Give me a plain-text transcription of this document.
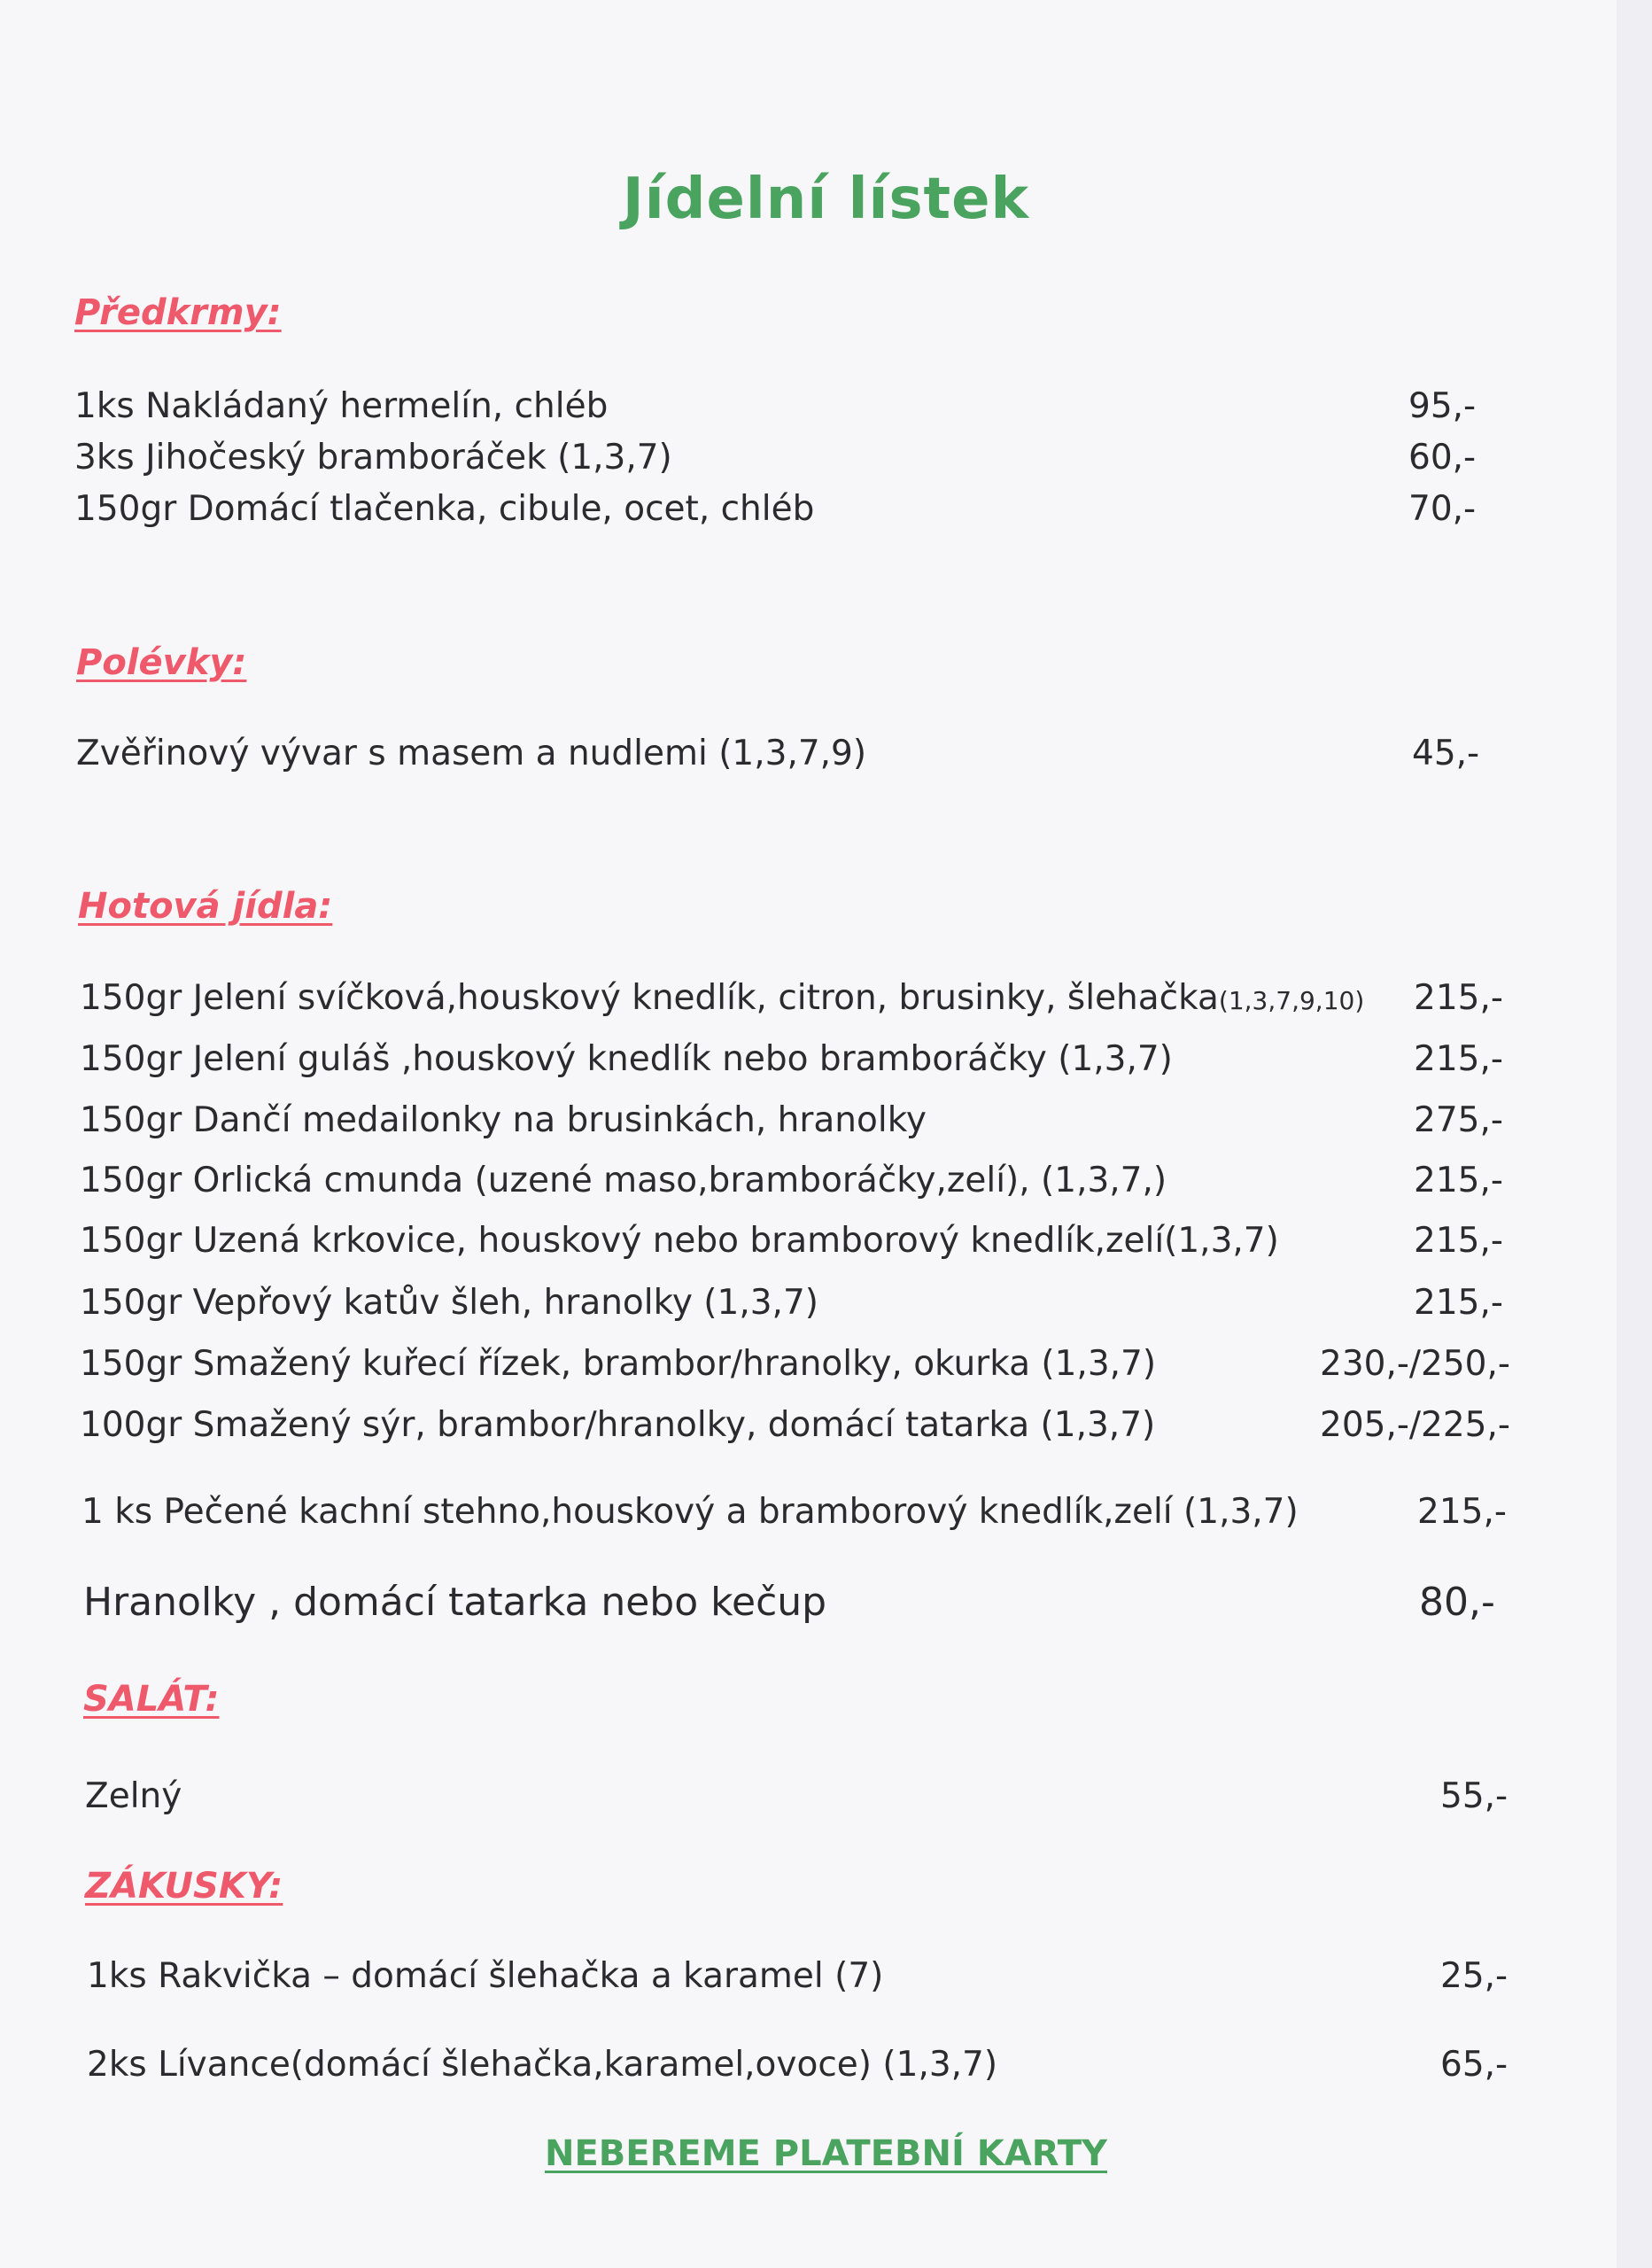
Jídelní lístek
Předkrmy:
1ks Nakládaný hermelín, chléb	95,-
3ks Jihočeský bramboráček (1,3,7)	60,-
150gr Domácí tlačenka, cibule, ocet, chléb	70,-
Polévky:
Zvěřinový vývar s masem a nudlemi (1,3,7,9)	45,-
Hotová jídla:
150gr Jelení svíčková,houskový knedlík, citron, brusinky, šlehačka(1,3,7,9,10) 215,-
150gr Jelení guláš ,houskový knedlík nebo bramboráčky (1,3,7)	215,-
150gr Dančí medailonky na brusinkách, hranolky	275,-
150gr Orlická cmunda (uzené maso,bramboráčky,zelí), (1,3,7,)	215,-
150gr Uzená krkovice, houskový nebo bramborový knedlík,zelí(1,3,7)	215,-
150gr Vepřový katův šleh, hranolky (1,3,7)	215,-
150gr Smažený kuřecí řízek, brambor/hranolky, okurka (1,3,7)	230,-/250,-
100gr Smažený sýr, brambor/hranolky, domácí tatarka (1,3,7)	205,-/225,-
1 ks Pečené kachní stehno,houskový a bramborový knedlík,zelí (1,3,7)	215,-
Hranolky , domácí tatarka nebo kečup	80,-
SALÁT:
Zelný	55,-
ZÁKUSKY:
1ks Rakvička – domácí šlehačka a karamel (7)	25,-
2ks Lívance(domácí šlehačka,karamel,ovoce) (1,3,7)	65,-
NEBEREME PLATEBNÍ KARTY
